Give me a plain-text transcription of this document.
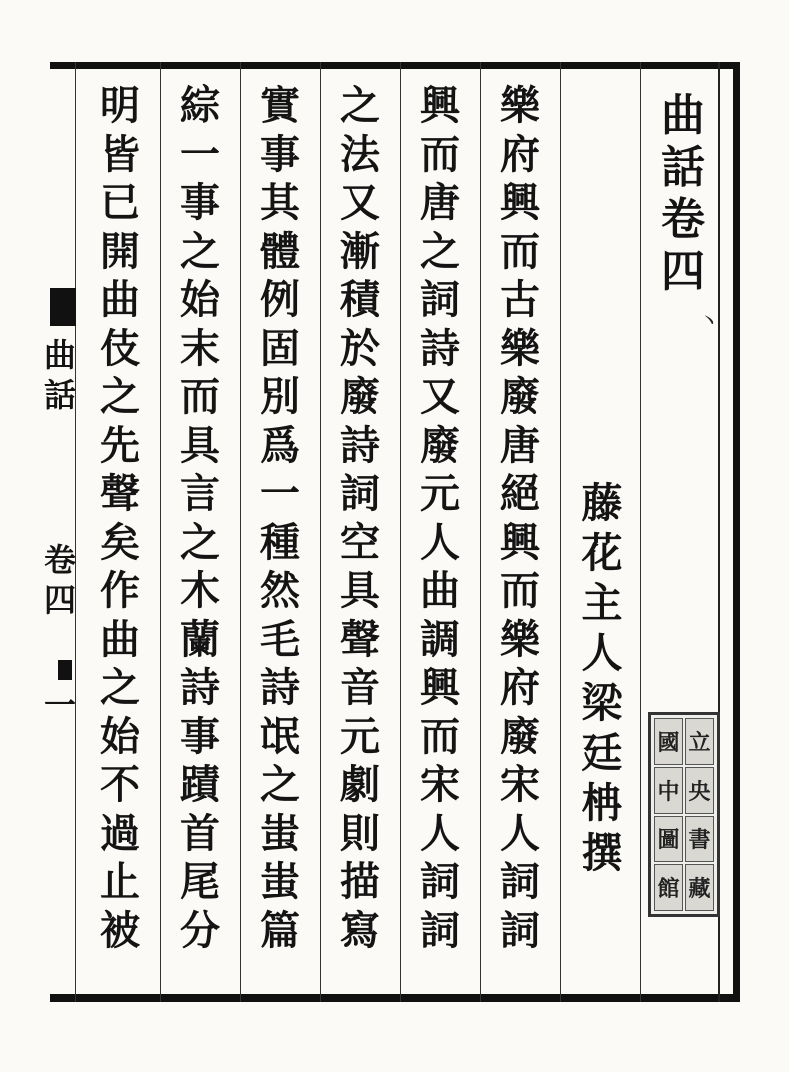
曲
話
卷
四
丶
藤
花
主
人
梁
廷
柟
撰
國 立
中 央
圖 書
館 藏
樂
府
興
而
古
樂
廢
唐
絕
興
而
樂
府
廢
宋
人
詞
詞
興
而
唐
之
詞
詩
又
廢
元
人
曲
調
興
而
宋
人
詞
詞
之
法
又
漸
積
於
廢
詩
詞
空
具
聲
音
元
劇
則
描
寫
實
事
其
體
例
固
別
爲
一
種
然
毛
詩
氓
之
蚩
蚩
篇
綜
一
事
之
始
末
而
具
言
之
木
蘭
詩
事
蹟
首
尾
分
明
皆
已
開
曲
伎
之
先
聲
矣
作
曲
之
始
不
過
止
被
曲
話
卷
四
一
